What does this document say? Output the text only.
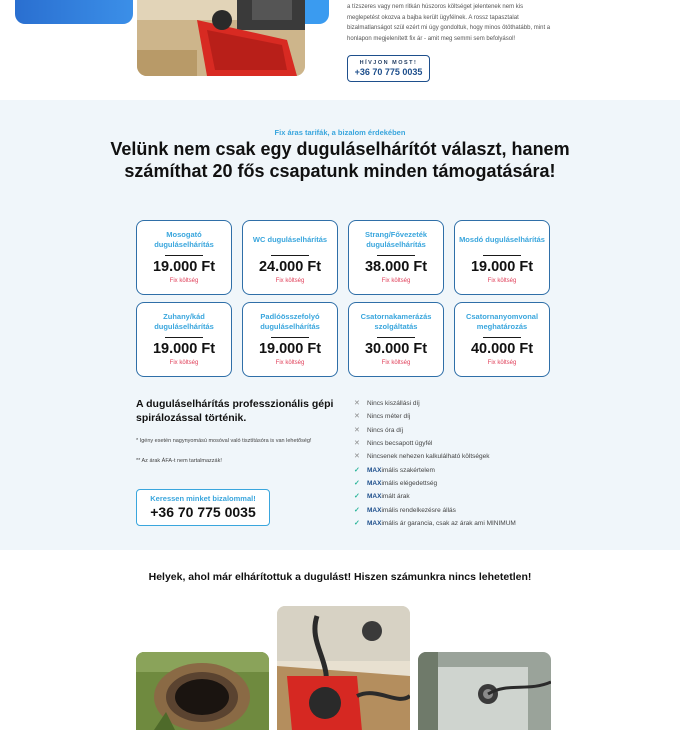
a tízszeres vagy nem ritkán húszoros költséget jelentenek nem kis meglepetést okozva a bajba került ügyfélnek. A rossz tapasztalat bizalmatlanságot szül ezért mi úgy gondoltuk, hogy minos ötöthatább, mint a honlapon megjelenített fix ár - amit meg semmi sem befolyásol!

HÍVJON MOST!
+36 70 775 0035
Fix áras tarifák, a bizalom érdekében
Velünk nem csak egy duguláselhárítót választ, hanem számíthat 20 fős csapatunk minden támogatására!
Mosogató duguláselhárítás
19.000 Ft
Fix költség
WC duguláselhárítás
24.000 Ft
Fix költség
Strang/Fővezeték duguláselhárítás
38.000 Ft
Fix költség
Mosdó duguláselhárítás
19.000 Ft
Fix költség
Zuhany/kád duguláselhárítás
19.000 Ft
Fix költség
Padlóösszefolyó duguláselhárítás
19.000 Ft
Fix költség
Csatornakamerázás szolgáltatás
30.000 Ft
Fix költség
Csatornanyomvonal meghatározás
40.000 Ft
Fix költség
A duguláselhárítás professzionális gépi spirálozással történik.
* Igény esetén nagynyomású mosóval való tisztításóra is van lehetőség!
** Az árak ÁFA-t nem tartalmazzák!
Keressen minket bizalommal!
+36 70 775 0035
✕	Nincs kiszállási díj
✕	Nincs méter díj
✕	Nincs óra díj
✕	Nincs becsapott ügyfél
✕	Nincsenek nehezen kalkulálható költségek
✓	MAX imális szakértelem
✓	MAX imális elégedettség
✓	MAX imált árak
✓	MAX imális rendelkezésre állás
✓	MAX imális ár garancia, csak az árak ami MINIMUM
Helyek, ahol már elhárítottuk a dugulást! Hiszen számunkra nincs lehetetlen!
